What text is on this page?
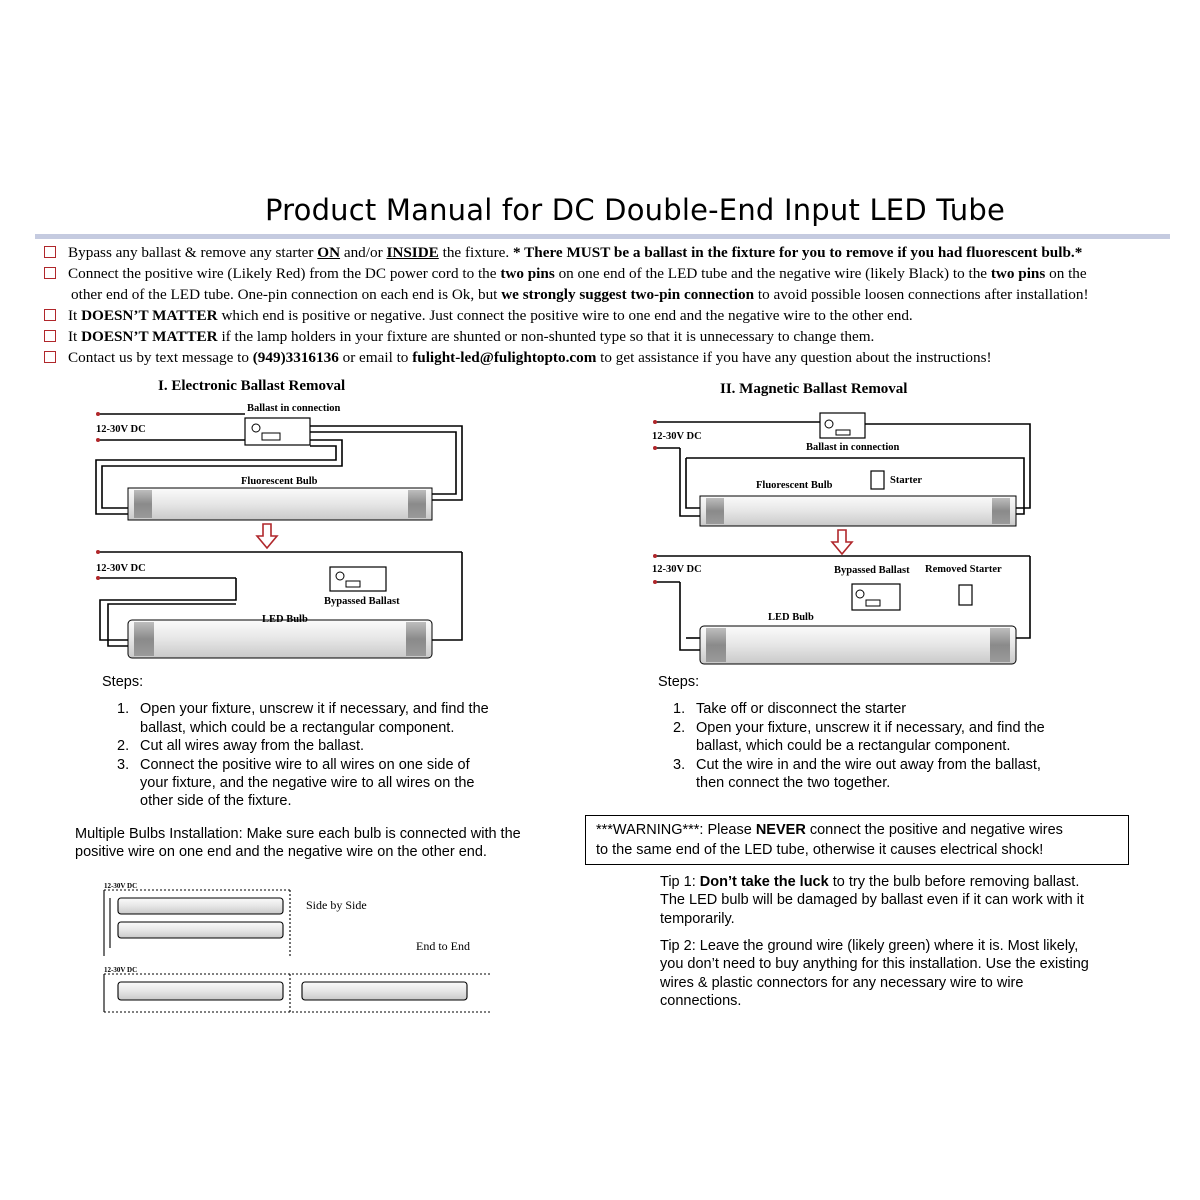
Product Manual for DC Double-End Input LED Tube
Bypass any ballast & remove any starter ON and/or INSIDE the fixture. * There MUST be a ballast in the fixture for you to remove if you had fluorescent bulb.*
Connect the positive wire (Likely Red) from the DC power cord to the two pins on one end of the LED tube and the negative wire (likely Black) to the two pins on the
other end of the LED tube. One-pin connection on each end is Ok, but we strongly suggest two-pin connection to avoid possible loosen connections after installation!
It DOESN’T MATTER which end is positive or negative. Just connect the positive wire to one end and the negative wire to the other end.
It DOESN’T MATTER if the lamp holders in your fixture are shunted or non-shunted type so that it is unnecessary to change them.
Contact us by text message to (949)3316136 or email to fulight-led@fulightopto.com to get assistance if you have any question about the instructions!
I. Electronic Ballast Removal	II. Magnetic Ballast Removal
Ballast in connection
12-30V DC
Fluorescent Bulb
12-30V DC
Bypassed Ballast
LED Bulb
12-30V DC
Ballast in connection
Starter
Fluorescent Bulb
12-30V DC	Bypassed Ballast Removed Starter
LED Bulb
12-30V DC
12-30V DC
Side by Side
End to End
Steps:
1. Open your fixture, unscrew it if necessary, and find the
ballast, which could be a rectangular component.
2. Cut all wires away from the ballast.
3. Connect the positive wire to all wires on one side of
your fixture, and the negative wire to all wires on the
other side of the fixture.
Multiple Bulbs Installation: Make sure each bulb is connected with the
positive wire on one end and the negative wire on the other end.
Steps:
1. Take off or disconnect the starter
2. Open your fixture, unscrew it if necessary, and find the
ballast, which could be a rectangular component.
3. Cut the wire in and the wire out away from the ballast,
then connect the two together.
***WARNING***: Please NEVER connect the positive and negative wires
to the same end of the LED tube, otherwise it causes electrical shock!
Tip 1: Don’t take the luck to try the bulb before removing ballast.
The LED bulb will be damaged by ballast even if it can work with it
temporarily.
Tip 2: Leave the ground wire (likely green) where it is. Most likely,
you don’t need to buy anything for this installation. Use the existing
wires & plastic connectors for any necessary wire to wire
connections.
